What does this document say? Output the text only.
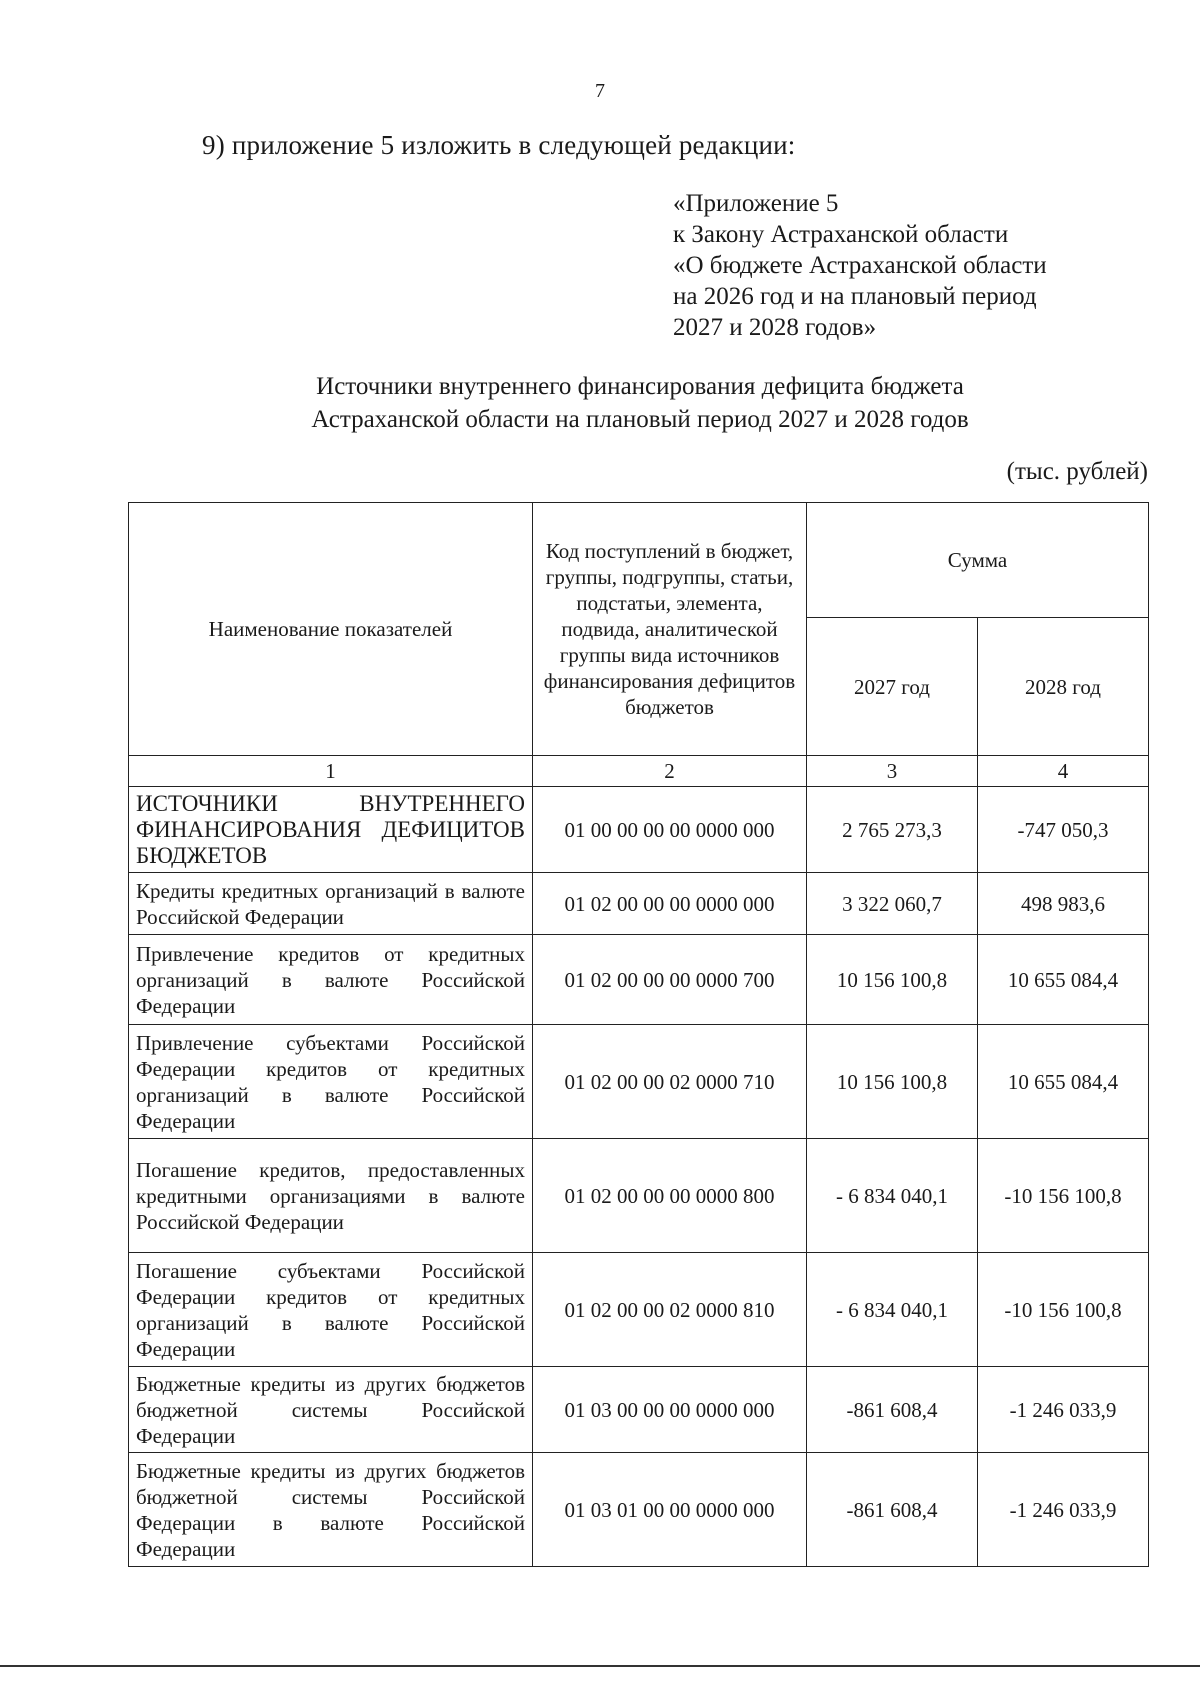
7
9) приложение 5 изложить в следующей редакции:
«Приложение 5
к Закону Астраханской области
«О бюджете Астраханской области
на 2026 год и на плановый период
2027 и 2028 годов»
Источники внутреннего финансирования дефицита бюджета
Астраханской области на плановый период 2027 и 2028 годов
(тыс. рублей)
Наименование показателей	Код поступлений в бюджет, группы, подгруппы, статьи, подстатьи, элемента, подвида, аналитической группы вида источников финансирования дефицитов бюджетов	Сумма	
		2027 год	2028 год
1	2	3	4
ИСТОЧНИКИ ВНУТРЕННЕГО ФИНАНСИРОВАНИЯ ДЕФИЦИТОВ БЮДЖЕТОВ	01 00 00 00 00 0000 000	2 765 273,3	-747 050,3
Кредиты кредитных организаций в валюте Российской Федерации	01 02 00 00 00 0000 000	3 322 060,7	498 983,6
Привлечение кредитов от кредитных организаций в валюте Российской Федерации	01 02 00 00 00 0000 700	10 156 100,8	10 655 084,4
Привлечение субъектами Российской Федерации кредитов от кредитных организаций в валюте Российской Федерации	01 02 00 00 02 0000 710	10 156 100,8	10 655 084,4
Погашение кредитов, предоставленных кредитными организациями в валюте Российской Федерации	01 02 00 00 00 0000 800	- 6 834 040,1	-10 156 100,8
Погашение субъектами Российской Федерации кредитов от кредитных организаций в валюте Российской Федерации	01 02 00 00 02 0000 810	- 6 834 040,1	-10 156 100,8
Бюджетные кредиты из других бюджетов бюджетной системы Российской Федерации	01 03 00 00 00 0000 000	-861 608,4	-1 246 033,9
Бюджетные кредиты из других бюджетов бюджетной системы Российской Федерации в валюте Российской Федерации	01 03 01 00 00 0000 000	-861 608,4	-1 246 033,9
